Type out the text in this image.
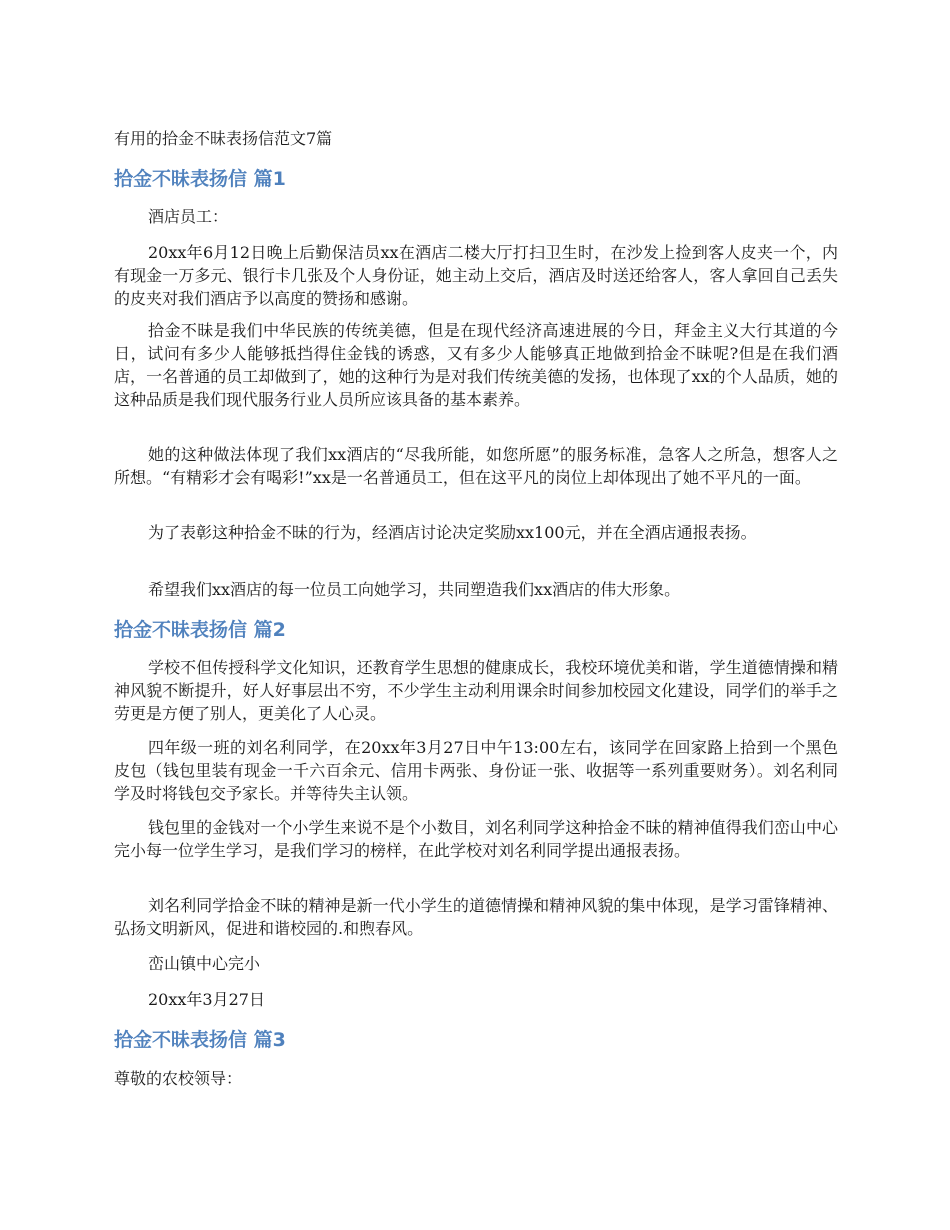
有用的拾金不昧表扬信范文7篇
拾金不昧表扬信 篇1

酒店员工：

20xx年6月12日晚上后勤保洁员xx在酒店二楼大厅打扫卫生时，在沙发上捡到客人皮夹一个，内有现金一万多元、银行卡几张及个人身份证，她主动上交后，酒店及时送还给客人，客人拿回自己丢失的皮夹对我们酒店予以高度的赞扬和感谢。

拾金不昧是我们中华民族的传统美德，但是在现代经济高速进展的今日，拜金主义大行其道的今日，试问有多少人能够抵挡得住金钱的诱惑，又有多少人能够真正地做到拾金不昧呢?但是在我们酒店，一名普通的员工却做到了，她的这种行为是对我们传统美德的发扬，也体现了xx的个人品质，她的这种品质是我们现代服务行业人员所应该具备的基本素养。

她的这种做法体现了我们xx酒店的“尽我所能，如您所愿”的服务标准，急客人之所急，想客人之所想。“有精彩才会有喝彩!”xx是一名普通员工，但在这平凡的岗位上却体现出了她不平凡的一面。

为了表彰这种拾金不昧的行为，经酒店讨论决定奖励xx100元，并在全酒店通报表扬。

希望我们xx酒店的每一位员工向她学习，共同塑造我们xx酒店的伟大形象。

拾金不昧表扬信 篇2

学校不但传授科学文化知识，还教育学生思想的健康成长，我校环境优美和谐，学生道德情操和精神风貌不断提升，好人好事层出不穷，不少学生主动利用课余时间参加校园文化建设，同学们的举手之劳更是方便了别人，更美化了人心灵。

四年级一班的刘名利同学，在20xx年3月27日中午13:00左右，该同学在回家路上拾到一个黑色皮包（钱包里装有现金一千六百余元、信用卡两张、身份证一张、收据等一系列重要财务）。刘名利同学及时将钱包交予家长。并等待失主认领。

钱包里的金钱对一个小学生来说不是个小数目，刘名利同学这种拾金不昧的精神值得我们峦山中心完小每一位学生学习，是我们学习的榜样，在此学校对刘名利同学提出通报表扬。

刘名利同学拾金不昧的精神是新一代小学生的道德情操和精神风貌的集中体现，是学习雷锋精神、弘扬文明新风，促进和谐校园的.和煦春风。

峦山镇中心完小

20xx年3月27日

拾金不昧表扬信 篇3

尊敬的农校领导：
